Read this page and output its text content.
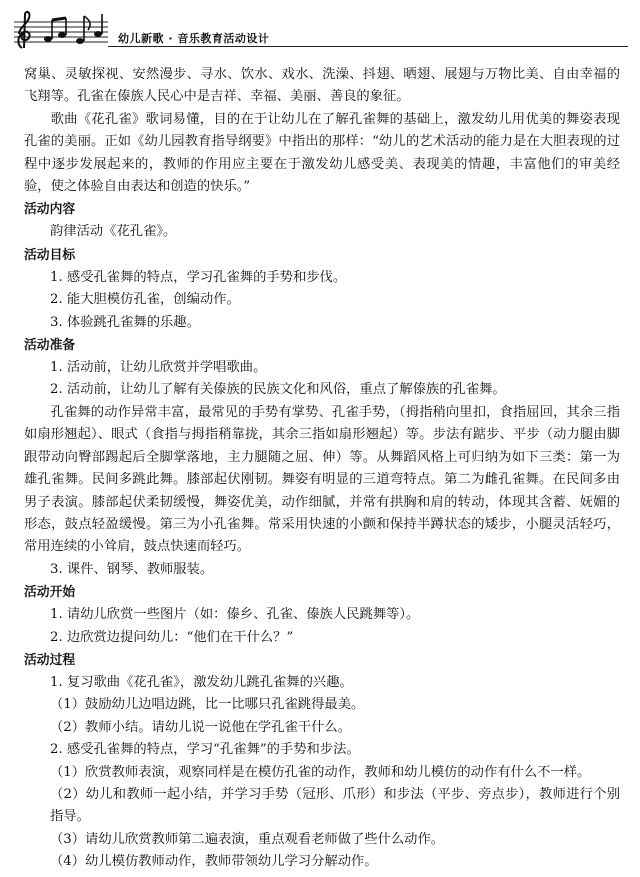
幼儿新歌 · 音乐教育活动设计

窝巢、灵敏探视、安然漫步、寻水、饮水、戏水、洗澡、抖翅、晒翅、展翅与万物比美、自由幸福的飞翔等。孔雀在傣族人民心中是吉祥、幸福、美丽、善良的象征。

歌曲《花孔雀》歌词易懂，目的在于让幼儿在了解孔雀舞的基础上，激发幼儿用优美的舞姿表现孔雀的美丽。正如《幼儿园教育指导纲要》中指出的那样：“幼儿的艺术活动的能力是在大胆表现的过程中逐步发展起来的，教师的作用应主要在于激发幼儿感受美、表现美的情趣，丰富他们的审美经验，使之体验自由表达和创造的快乐。”

活动内容

韵律活动《花孔雀》。

活动目标

1. 感受孔雀舞的特点，学习孔雀舞的手势和步伐。

2. 能大胆模仿孔雀，创编动作。

3. 体验跳孔雀舞的乐趣。

活动准备

1. 活动前，让幼儿欣赏并学唱歌曲。

2. 活动前，让幼儿了解有关傣族的民族文化和风俗，重点了解傣族的孔雀舞。

孔雀舞的动作异常丰富，最常见的手势有掌势、孔雀手势，（拇指稍向里扣，食指屈回，其余三指如扇形翘起）、眼式（食指与拇指稍靠拢，其余三指如扇形翘起）等。步法有踮步、平步（动力腿由脚跟带动向臀部踢起后全脚掌落地，主力腿随之屈、伸）等。从舞蹈风格上可归纳为如下三类：第一为雄孔雀舞。民间多跳此舞。膝部起伏刚韧。舞姿有明显的三道弯特点。第二为雌孔雀舞。在民间多由男子表演。膝部起伏柔韧缓慢，舞姿优美，动作细腻，并常有拱胸和肩的转动，体现其含蓄、妩媚的形态，鼓点轻盈缓慢。第三为小孔雀舞。常采用快速的小颤和保持半蹲状态的矮步，小腿灵活轻巧，常用连续的小耸肩，鼓点快速而轻巧。

3. 课件、钢琴、教师服装。

活动开始

1. 请幼儿欣赏一些图片（如：傣乡、孔雀、傣族人民跳舞等）。

2. 边欣赏边提问幼儿：“他们在干什么？”

活动过程

1. 复习歌曲《花孔雀》，激发幼儿跳孔雀舞的兴趣。

（1）鼓励幼儿边唱边跳，比一比哪只孔雀跳得最美。

（2）教师小结。请幼儿说一说他在学孔雀干什么。

2. 感受孔雀舞的特点，学习“孔雀舞”的手势和步法。

（1）欣赏教师表演，观察同样是在模仿孔雀的动作，教师和幼儿模仿的动作有什么不一样。

（2）幼儿和教师一起小结，并学习手势（冠形、爪形）和步法（平步、旁点步），教师进行个别指导。

（3）请幼儿欣赏教师第二遍表演，重点观看老师做了些什么动作。

（4）幼儿模仿教师动作，教师带领幼儿学习分解动作。
